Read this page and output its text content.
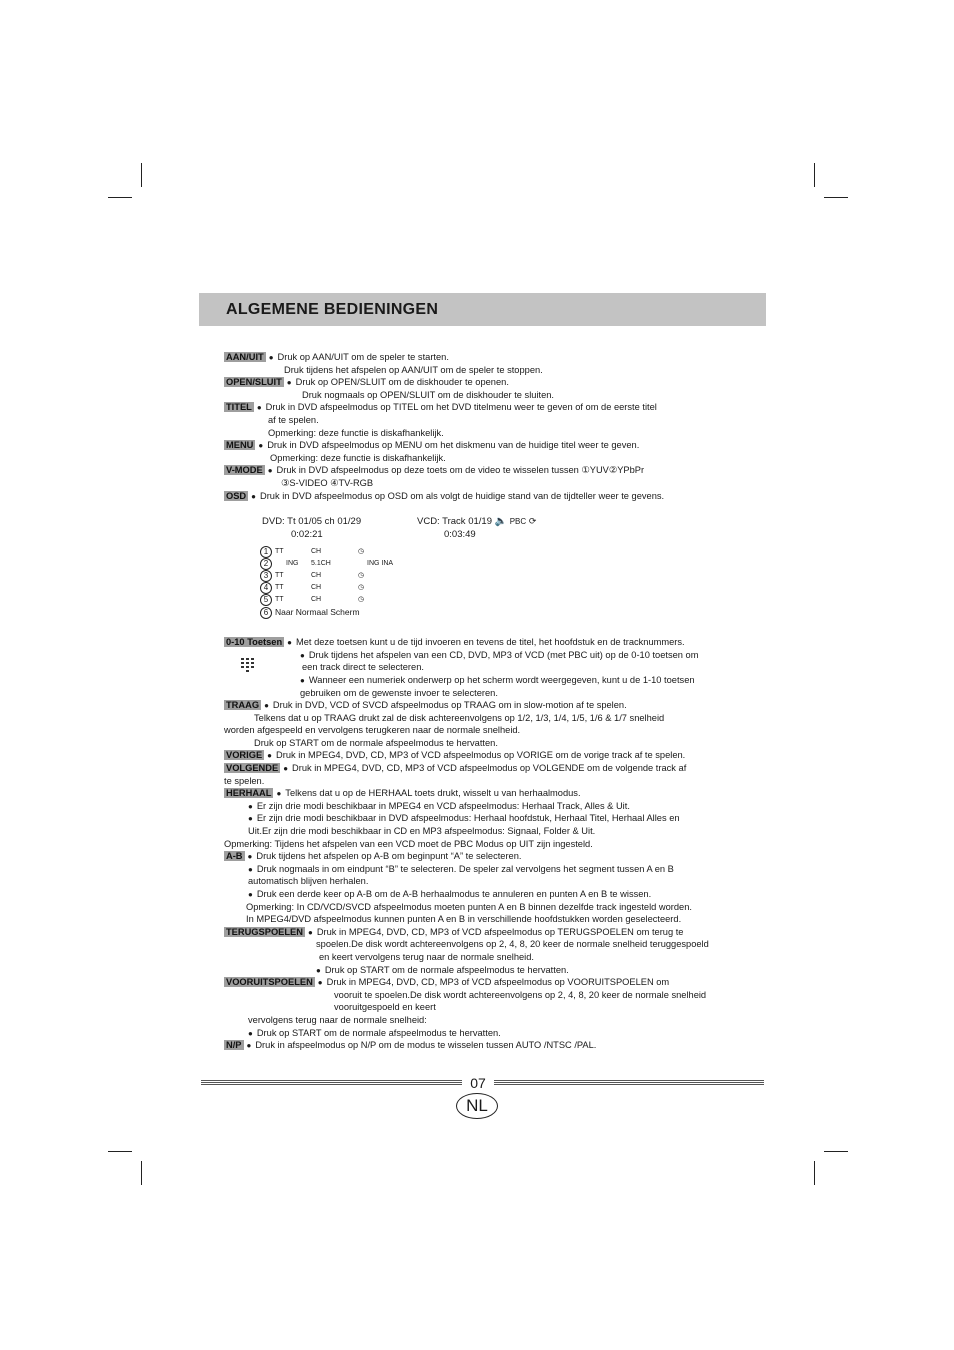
ALGEMENE BEDIENINGEN
AAN/UIT ● Druk op AAN/UIT om de speler te starten.
Druk tijdens het afspelen op AAN/UIT om de speler te stoppen.
OPEN/SLUIT ● Druk op OPEN/SLUIT om de diskhouder te openen.
Druk nogmaals op OPEN/SLUIT om de diskhouder te sluiten.
TITEL ● Druk in DVD afspeelmodus op TITEL om het DVD titelmenu weer te geven of om de eerste titel
af te spelen.
Opmerking: deze functie is diskafhankelijk.
MENU ● Druk in DVD afspeelmodus op MENU om het diskmenu van de huidige titel weer te geven.
Opmerking: deze functie is diskafhankelijk.
V-MODE ● Druk in DVD afspeelmodus op deze toets om de video te wisselen tussen ①YUV②YPbPr
③S-VIDEO ④TV-RGB
OSD ● Druk in DVD afspeelmodus op OSD om als volgt de huidige stand van de tijdteller weer te gevens.
0-10 Toetsen ● Met deze toetsen kunt u de tijd invoeren en tevens de titel, het hoofdstuk en de tracknummers.
● Druk tijdens het afspelen van een CD, DVD, MP3 of VCD (met PBC uit) op de 0-10 toetsen om
een track direct te selecteren.
● Wanneer een numeriek onderwerp op het scherm wordt weergegeven, kunt u de 1-10 toetsen
gebruiken om de gewenste invoer te selecteren.
TRAAG ● Druk in DVD, VCD of SVCD afspeelmodus op TRAAG om in slow-motion af te spelen.
Telkens dat u op TRAAG drukt zal de disk achtereenvolgens op 1/2, 1/3, 1/4, 1/5, 1/6 & 1/7 snelheid
worden afgespeeld en vervolgens terugkeren naar de normale snelheid.
Druk op START om de normale afspeelmodus te hervatten.
VORIGE ● Druk in MPEG4, DVD, CD, MP3 of VCD afspeelmodus op VORIGE om de vorige track af te spelen.
VOLGENDE ● Druk in MPEG4, DVD, CD, MP3 of VCD afspeelmodus op VOLGENDE om de volgende track af
te spelen.
HERHAAL ● Telkens dat u op de HERHAAL toets drukt, wisselt u van herhaalmodus.
● Er zijn drie modi beschikbaar in MPEG4 en VCD afspeelmodus: Herhaal Track, Alles & Uit.
● Er zijn drie modi beschikbaar in DVD afspeelmodus: Herhaal hoofdstuk, Herhaal Titel, Herhaal Alles en
Uit.Er zijn drie modi beschikbaar in CD en MP3 afspeelmodus: Signaal, Folder & Uit.
Opmerking: Tijdens het afspelen van een VCD moet de PBC Modus op UIT zijn ingesteld.
A-B ● Druk tijdens het afspelen op A-B om beginpunt “A” te selecteren.
● Druk nogmaals in om eindpunt “B” te selecteren. De speler zal vervolgens het segment tussen A en B
automatisch blijven herhalen.
● Druk een derde keer op A-B om de A-B herhaalmodus te annuleren en punten A en B te wissen.
Opmerking: In CD/VCD/SVCD afspeelmodus moeten punten A en B binnen dezelfde track ingesteld worden.
In MPEG4/DVD afspeelmodus kunnen punten A en B in verschillende hoofdstukken worden geselecteerd.
TERUGSPOELEN ● Druk in MPEG4, DVD, CD, MP3 of VCD afspeelmodus op TERUGSPOELEN om terug te
spoelen.De disk wordt achtereenvolgens op 2, 4, 8, 20 keer de normale snelheid teruggespoeld
en keert vervolgens terug naar de normale snelheid.
● Druk op START om de normale afspeelmodus te hervatten.
VOORUITSPOELEN ● Druk in MPEG4, DVD, CD, MP3 of VCD afspeelmodus op VOORUITSPOELEN om
vooruit te spoelen.De disk wordt achtereenvolgens op 2, 4, 8, 20 keer de normale snelheid
vooruitgespoeld en keert
vervolgens terug naar de normale snelheid:
● Druk op START om de normale afspeelmodus te hervatten.
N/P ● Druk in afspeelmodus op N/P om de modus te wisselen tussen AUTO /NTSC /PAL.
DVD: Tt 01/05 ch 01/29
0:02:21
VCD: Track 01/19 🔈 PBC ⟳
0:03:49
1 TT	CH	◷
2	ING 5.1CH	ING INA
3 TT	CH	◷
4 TT	CH	◷
5 TT	CH	◷
6 Naar Normaal Scherm
07
NL
